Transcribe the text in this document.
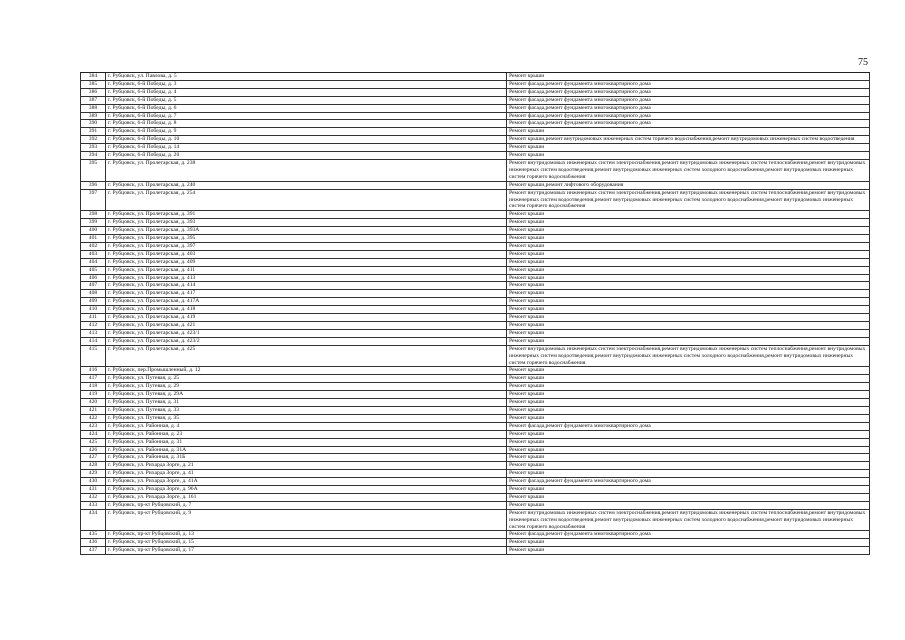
75
384	г. Рубцовск, ул. Павлова, д. 5	Ремонт крыши
385	г. Рубцовск, 6-й Победы, д. 3	Ремонт фасада,ремонт фундамента многоквартирного дома
386	г. Рубцовск, 6-й Победы, д. 4	Ремонт фасада,ремонт фундамента многоквартирного дома
387	г. Рубцовск, 6-й Победы, д. 5	Ремонт фасада,ремонт фундамента многоквартирного дома
388	г. Рубцовск, 6-й Победы, д. 6	Ремонт фасада,ремонт фундамента многоквартирного дома
389	г. Рубцовск, 6-й Победы, д. 7	Ремонт фасада,ремонт фундамента многоквартирного дома
390	г. Рубцовск, 6-й Победы, д. 8	Ремонт фасада,ремонт фундамента многоквартирного дома
391	г. Рубцовск, 6-й Победы, д. 9	Ремонт крыши
392	г. Рубцовск, 6-й Победы, д. 10	Ремонт крыши,ремонт внутридомовых инженерных систем горячего водоснабжения,ремонт внутридомовых инженерных систем водоотведения
393	г. Рубцовск, 6-й Победы, д. 14	Ремонт крыши
394	г. Рубцовск, 6-й Победы, д. 20	Ремонт крыши
395	г. Рубцовск, ул. Пролетарская, д. 238	Ремонт внутридомовых инженерных систем электроснабжения,ремонт внутридомовых инженерных систем теплоснабжения,ремонт внутридомовых инженерных систем водоотведения,ремонт внутридомовых инженерных систем холодного водоснабжения,ремонт внутридомовых инженерных систем горячего водоснабжения
396	г. Рубцовск, ул. Пролетарская, д. 240	Ремонт крыши,ремонт лифтового оборудования
397	г. Рубцовск, ул. Пролетарская, д. 254	Ремонт внутридомовых инженерных систем электроснабжения,ремонт внутридомовых инженерных систем теплоснабжения,ремонт внутридомовых инженерных систем водоотведения,ремонт внутридомовых инженерных систем холодного водоснабжения,ремонт внутридомовых инженерных систем горячего водоснабжения
398	г. Рубцовск, ул. Пролетарская, д. 391	Ремонт крыши
399	г. Рубцовск, ул. Пролетарская, д. 393	Ремонт крыши
400	г. Рубцовск, ул. Пролетарская, д. 393А	Ремонт крыши
401	г. Рубцовск, ул. Пролетарская, д. 395	Ремонт крыши
402	г. Рубцовск, ул. Пролетарская, д. 397	Ремонт крыши
403	г. Рубцовск, ул. Пролетарская, д. 403	Ремонт крыши
404	г. Рубцовск, ул. Пролетарская, д. 409	Ремонт крыши
405	г. Рубцовск, ул. Пролетарская, д. 411	Ремонт крыши
406	г. Рубцовск, ул. Пролетарская, д. 413	Ремонт крыши
407	г. Рубцовск, ул. Пролетарская, д. 414	Ремонт крыши
408	г. Рубцовск, ул. Пролетарская, д. 417	Ремонт крыши
409	г. Рубцовск, ул. Пролетарская, д. 417А	Ремонт крыши
410	г. Рубцовск, ул. Пролетарская, д. 418	Ремонт крыши
411	г. Рубцовск, ул. Пролетарская, д. 419	Ремонт крыши
412	г. Рубцовск, ул. Пролетарская, д. 421	Ремонт крыши
413	г. Рубцовск, ул. Пролетарская, д. 423/1	Ремонт крыши
414	г. Рубцовск, ул. Пролетарская, д. 423/2	Ремонт крыши
415	г. Рубцовск, ул. Пролетарская, д. 425	Ремонт внутридомовых инженерных систем электроснабжения,ремонт внутридомовых инженерных систем теплоснабжения,ремонт внутридомовых инженерных систем водоотведения,ремонт внутридомовых инженерных систем холодного водоснабжения,ремонт внутридомовых инженерных систем горячего водоснабжения
416	г. Рубцовск, пер.Промышленный, д. 12	Ремонт крыши
417	г. Рубцовск, ул. Путевая, д. 25	Ремонт крыши
418	г. Рубцовск, ул. Путевая, д. 29	Ремонт крыши
419	г. Рубцовск, ул. Путевая, д. 29А	Ремонт крыши
420	г. Рубцовск, ул. Путевая, д. 31	Ремонт крыши
421	г. Рубцовск, ул. Путевая, д. 33	Ремонт крыши
422	г. Рубцовск, ул. Путевая, д. 35	Ремонт крыши
423	г. Рубцовск, ул. Районная, д. 4	Ремонт фасада,ремонт фундамента многоквартирного дома
424	г. Рубцовск, ул. Районная, д. 23	Ремонт крыши
425	г. Рубцовск, ул. Районная, д. 31	Ремонт крыши
426	г. Рубцовск, ул. Районная, д. 31А	Ремонт крыши
427	г. Рубцовск, ул. Районная, д. 31Б	Ремонт крыши
428	г. Рубцовск, ул. Рихарда Зорге, д. 21	Ремонт крыши
429	г. Рубцовск, ул. Рихарда Зорге, д. 41	Ремонт крыши
430	г. Рубцовск, ул. Рихарда Зорге, д. 41А	Ремонт фасада,ремонт фундамента многоквартирного дома
431	г. Рубцовск, ул. Рихарда Зорге, д. 96А	Ремонт крыши
432	г. Рубцовск, ул. Рихарда Зорге, д. 161	Ремонт крыши
433	г. Рубцовск, пр-кт Рубцовский, д. 7	Ремонт крыши
434	г. Рубцовск, пр-кт Рубцовский, д. 9	Ремонт внутридомовых инженерных систем электроснабжения,ремонт внутридомовых инженерных систем теплоснабжения,ремонт внутридомовых инженерных систем водоотведения,ремонт внутридомовых инженерных систем холодного водоснабжения,ремонт внутридомовых инженерных систем горячего водоснабжения
435	г. Рубцовск, пр-кт Рубцовский, д. 13	Ремонт фасада,ремонт фундамента многоквартирного дома
436	г. Рубцовск, пр-кт Рубцовский, д. 15	Ремонт крыши
437	г. Рубцовск, пр-кт Рубцовский, д. 17	Ремонт крыши
